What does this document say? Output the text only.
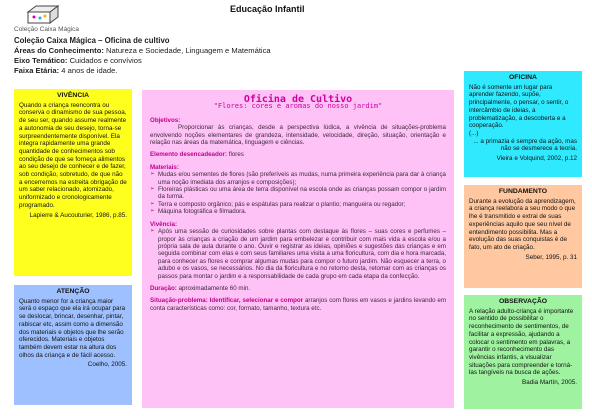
Coleção Caixa Mágica
Educação Infantil
Coleção Caixa Mágica – Oficina de cultivo
Áreas do Conhecimento: Natureza e Sociedade, Linguagem e Matemática
Eixo Temático: Cuidados e convívios
Faixa Etária: 4 anos de idade.
VIVÊNCIA
Quando a criança reencontra ou conserva o dinamismo de sua pessoa, de seu ser, quando assume realmente a autonomia de seu desejo, torna-se surpreendentemente disponível. Ela integra rapidamente uma grande quantidade de conhecimentos sob condição de que se forneça alimentos ao seu desejo de conhecer e de fazer, sob condição, sobretudo, de que não a encerremos na estreita obrigação de um saber relacionado, atomizado, uniformizado e cronologicamente programado.
Lapierre & Aucouturier, 1986, p.85.
ATENÇÃO
Quanto menor for a criança maior será o espaço que ela irá ocupar para se deslocar, brincar, desenhar, pintar, rabiscar etc, assim como a dimensão dos materiais e objetos que lhe serão oferecidos. Materiais e objetos também devem estar na altura dos olhos da criança e de fácil acesso.
Coelho, 2005.
Oficina de Cultivo
"Flores: cores e aromas do nosso jardim"
Objetivos:
Proporcionar às crianças, desde a perspectiva lúdica, a vivência de situações-problema envolvendo noções elementares de grandeza, intensidade, velocidade, direção, situação, orientação e relação nas áreas da matemática, linguagem e ciências.
Elemento desencadeador: flores
Materiais:
➢ Mudas e/ou sementes de flores (são preferíveis as mudas, numa primeira experiência para dar à criança uma noção imediata dos arranjos e composições);
➢ Floreiras plásticas ou uma área de terra disponível na escola onde as crianças possam compor o jardim da turma.
➢ Terra e composto orgânico; pás e espátulas para realizar o plantio; mangueira ou regador;
➢ Máquina fotográfica e filmadora.
Vivência:
➢ Após uma sessão de curiosidades sobre plantas com destaque às flores – suas cores e perfumes – propor às crianças a criação de um jardim para embelezar e contribuir com mais vida a escola e/ou a própria sala de aula durante o ano. Ouvir e registrar as ideias, opiniões e sugestões das crianças e em seguida combinar com elas e com seus familiares uma visita a uma floricultura, com dia e hora marcada, para conhecer as flores e comprar algumas mudas para compor o futuro jardim. Não esquecer a terra, o adubo e os vasos, se necessários. No dia da floricultura e no retorno desta, retomar com as crianças os passos para montar o jardim e a responsabilidade de cada grupo em cada etapa da confecção.
Duração: aproximadamente 60 min.
Situação-problema: Identificar, selecionar e compor arranjos com flores em vasos e jardins levando em conta características como: cor, formato, tamanho, textura etc.
OFICINA
Não é somente um lugar para aprender fazendo, supõe, principalmente, o pensar, o sentir, o intercâmbio de ideias, a problematização, a descoberta e a cooperação.
(...)
... a primazia é sempre da ação, mas não se desmerece a teoria.
Vieira e Volquind, 2002, p.12
FUNDAMENTO
Durante a evolução da aprendizagem, a criança reelabora a seu modo o que lhe é transmitido e extrai de suas experiências aquilo que seu nível de entendimento possibilita. Mas a evolução das suas conquistas é de fato, um ato de criação.
Seber, 1995, p. 31
OBSERVAÇÃO
A relação adulto-criança é importante no sentido de possibilitar o reconhecimento de sentimentos, de facilitar a expressão, ajudando a colocar o sentimento em palavras, a garantir o reconhecimento das vivências infantis, a visualizar situações para compreender e torná-las tangíveis na busca de ações.
Badia Martín, 2005.
